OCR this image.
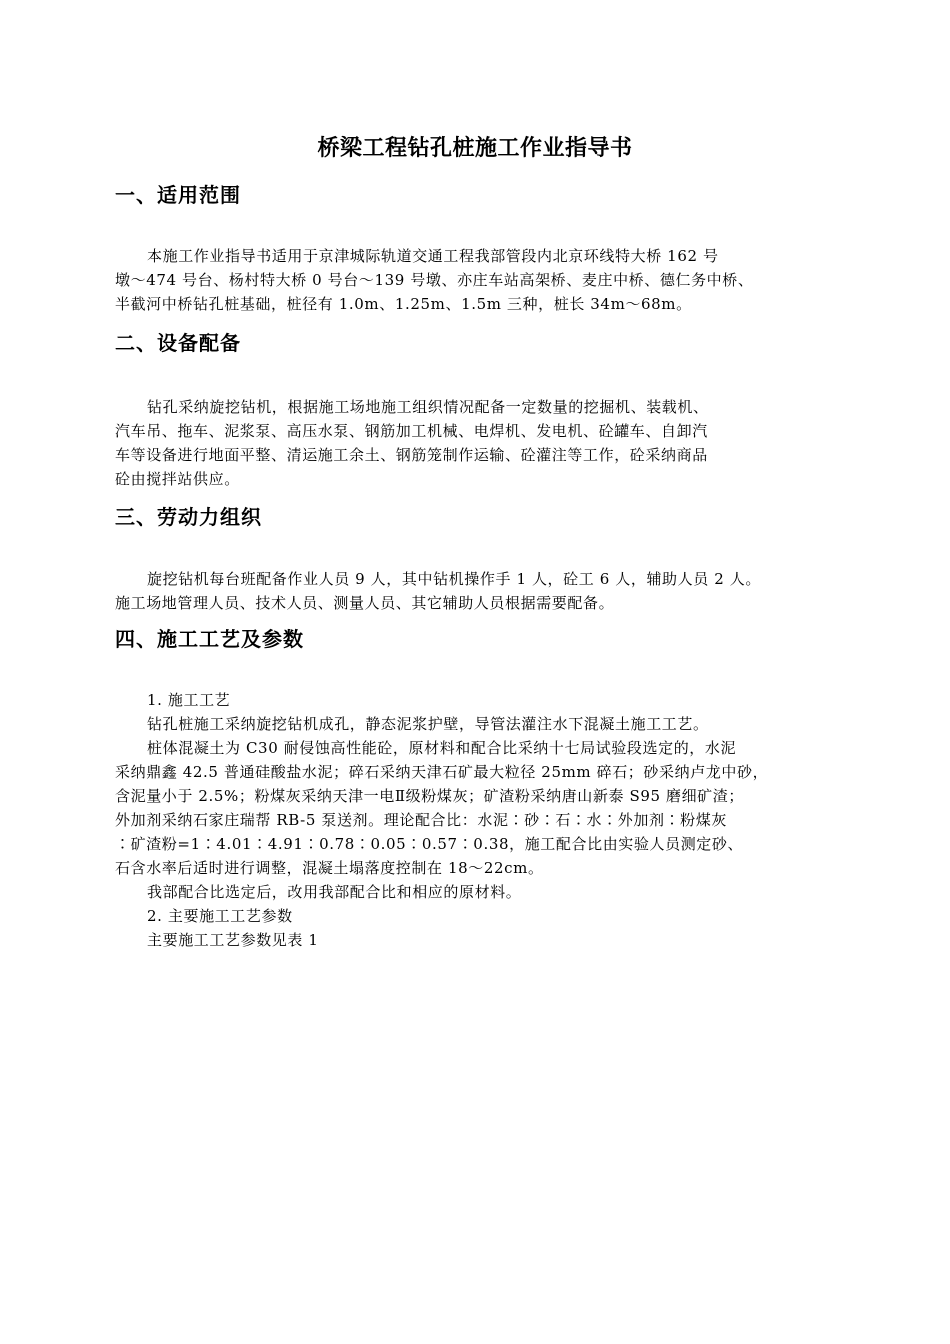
桥梁工程钻孔桩施工作业指导书
一、适用范围
本施工作业指导书适用于京津城际轨道交通工程我部管段内北京环线特大桥 162 号
墩～474 号台、杨村特大桥 0 号台～139 号墩、亦庄车站高架桥、麦庄中桥、德仁务中桥、
半截河中桥钻孔桩基础，桩径有 1.0m、1.25m、1.5m 三种，桩长 34m～68m。
二、设备配备
钻孔采纳旋挖钻机，根据施工场地施工组织情况配备一定数量的挖掘机、装载机、
汽车吊、拖车、泥浆泵、高压水泵、钢筋加工机械、电焊机、发电机、砼罐车、自卸汽
车等设备进行地面平整、清运施工余土、钢筋笼制作运输、砼灌注等工作，砼采纳商品
砼由搅拌站供应。
三、劳动力组织
旋挖钻机每台班配备作业人员 9 人，其中钻机操作手 1 人，砼工 6 人，辅助人员 2 人。
施工场地管理人员、技术人员、测量人员、其它辅助人员根据需要配备。
四、施工工艺及参数
1. 施工工艺
钻孔桩施工采纳旋挖钻机成孔，静态泥浆护壁，导管法灌注水下混凝土施工工艺。
桩体混凝土为 C30 耐侵蚀高性能砼，原材料和配合比采纳十七局试验段选定的，水泥
采纳鼎鑫 42.5 普通硅酸盐水泥；碎石采纳天津石矿最大粒径 25mm 碎石；砂采纳卢龙中砂，
含泥量小于 2.5%；粉煤灰采纳天津一电Ⅱ级粉煤灰；矿渣粉采纳唐山新泰 S95 磨细矿渣；
外加剂采纳石家庄瑞帮 RB-5 泵送剂。理论配合比：水泥∶砂∶石∶水∶外加剂∶粉煤灰
∶矿渣粉=1∶4.01∶4.91∶0.78∶0.05∶0.57∶0.38，施工配合比由实验人员测定砂、
石含水率后适时进行调整，混凝土塌落度控制在 18～22cm。
我部配合比选定后，改用我部配合比和相应的原材料。
2. 主要施工工艺参数
主要施工工艺参数见表 1
